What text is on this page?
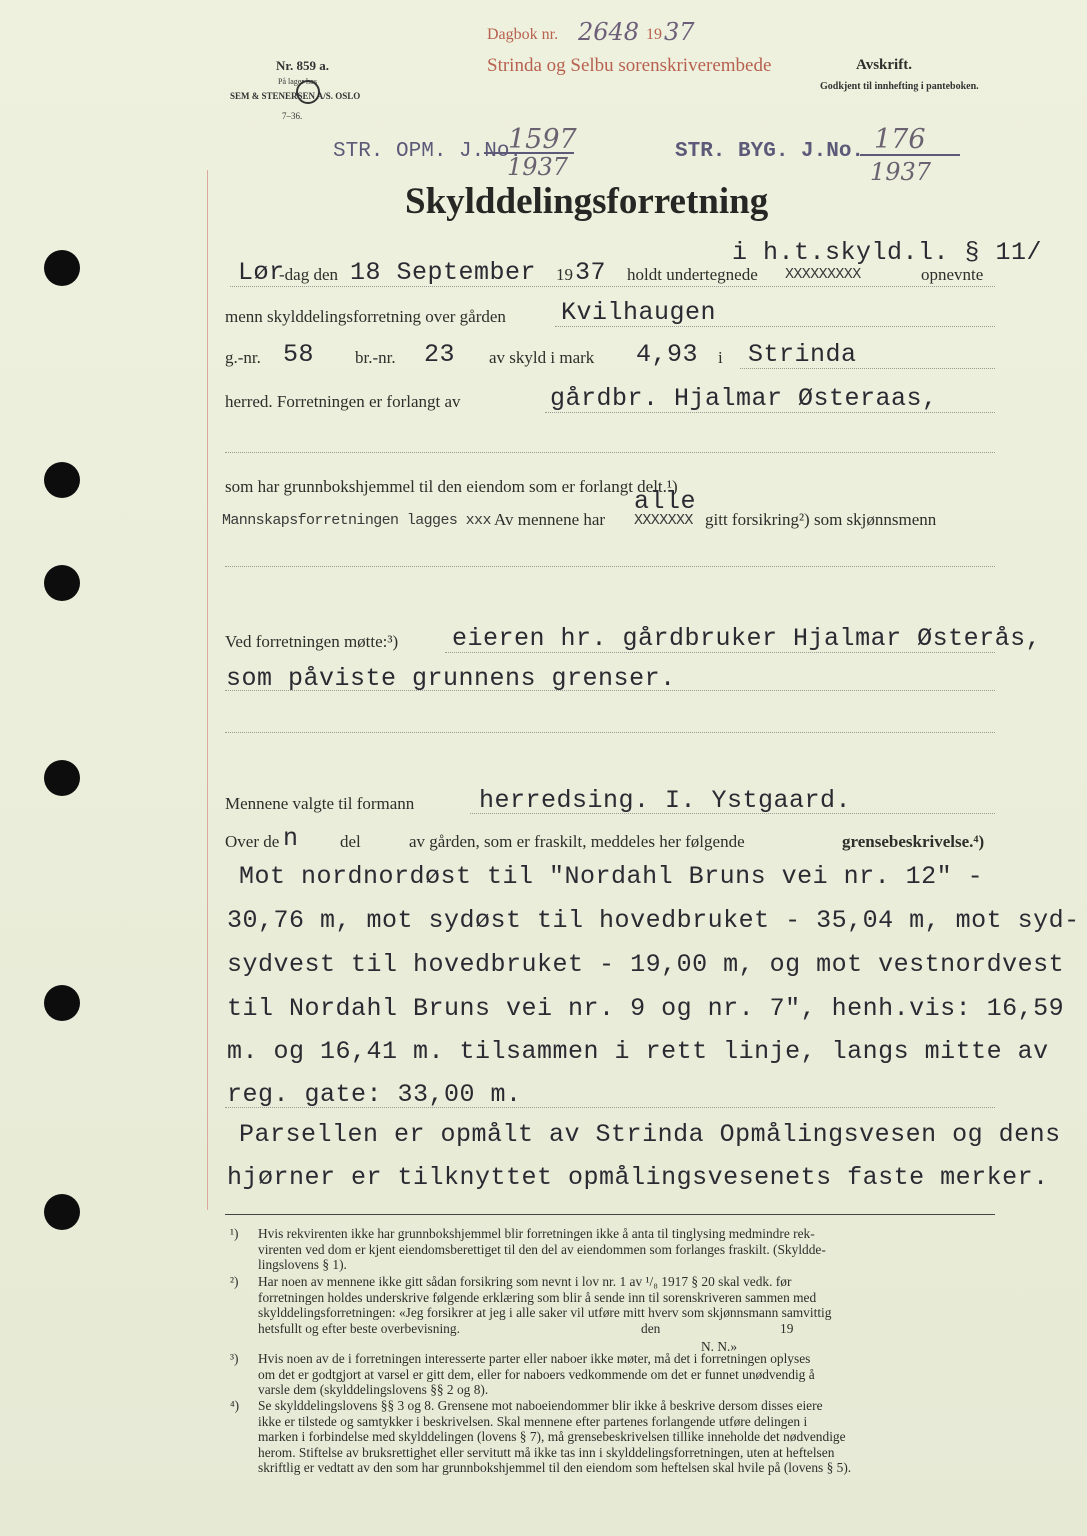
Nr. 859 a.
På lager hos
SEM & STENERSEN A/S. OSLO
7–36.
Dagbok nr. 2648 19 37
Strinda og Selbu sorenskriverembede	Avskrift.
Godkjent til innhefting i panteboken.
STR. OPM. J.No.
1597
1937
STR. BYG. J.No. 176
1937
Skylddelingsforretning
Lør
-dag den 18 September 19 37 holdt undertegnede
i h.t.skyld.l. § 11/
XXXXXXXXX	opnevnte
menn skylddelingsforretning over gården Kvilhaugen
g.-nr. 58 br.-nr. 23 av skyld i mark 4,93 i Strinda
herred. Forretningen er forlangt av	gårdbr. Hjalmar Østeraas,
som har grunnbokshjemmel til den eiendom som er forlangt delt.¹)
Mannskapsforretningen lagges xxx Av mennene har
alle
XXXXXXX gitt forsikring²) som skjønnsmenn
Ved forretningen møtte:³) eieren hr. gårdbruker Hjalmar Østerås,
som påviste grunnens grenser.
Mennene valgte til formann	herredsing. I. Ystgaard.
Over de n del	av gården, som er fraskilt, meddeles her følgende	grensebeskrivelse.⁴)
Mot nordnordøst til "Nordahl Bruns vei nr. 12" -
30,76 m, mot sydøst til hovedbruket - 35,04 m, mot syd-
sydvest til hovedbruket - 19,00 m, og mot vestnordvest
til Nordahl Bruns vei nr. 9 og nr. 7", henh.vis: 16,59
m. og 16,41 m. tilsammen i rett linje, langs mitte av
reg. gate: 33,00 m.
Parsellen er opmålt av Strinda Opmålingsvesen og dens
hjørner er tilknyttet opmålingsvesenets faste merker.
¹) Hvis rekvirenten ikke har grunnbokshjemmel blir forretningen ikke å anta til tinglysing medmindre rek-
virenten ved dom er kjent eiendomsberettiget til den del av eiendommen som forlanges fraskilt. (Skyldde-
lingslovens § 1).
²) Har noen av mennene ikke gitt sådan forsikring som nevnt i lov nr. 1 av ¹/₈ 1917 § 20 skal vedk. før
forretningen holdes underskrive følgende erklæring som blir å sende inn til sorenskriveren sammen med
skylddelingsforretningen: «Jeg forsikrer at jeg i alle saker vil utføre mitt hverv som skjønnsmann samvittig
hetsfullt og efter beste overbevisning.	den	19
N. N.»
³) Hvis noen av de i forretningen interesserte parter eller naboer ikke møter, må det i forretningen oplyses
om det er godtgjort at varsel er gitt dem, eller for naboers vedkommende om det er funnet unødvendig å
varsle dem (skylddelingslovens §§ 2 og 8).
⁴) Se skylddelingslovens §§ 3 og 8. Grensene mot naboeiendommer blir ikke å beskrive dersom disses eiere
ikke er tilstede og samtykker i beskrivelsen. Skal mennene efter partenes forlangende utføre delingen i
marken i forbindelse med skylddelingen (lovens § 7), må grensebeskrivelsen tillike inneholde det nødvendige
herom. Stiftelse av bruksrettighet eller servitutt må ikke tas inn i skylddelingsforretningen, uten at heftelsen
skriftlig er vedtatt av den som har grunnbokshjemmel til den eiendom som heftelsen skal hvile på (lovens § 5).
